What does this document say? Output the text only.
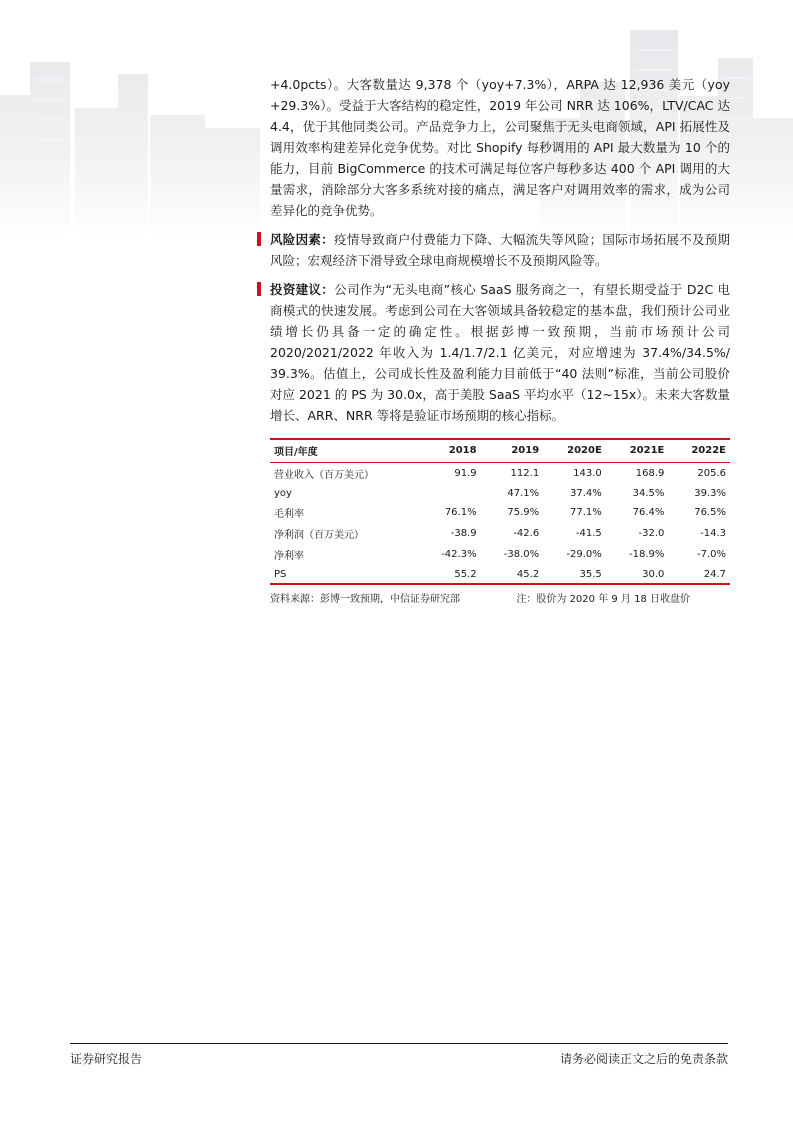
+4.0pcts）。大客数量达 9,378 个（yoy+7.3%），ARPA 达 12,936 美元（yoy +29.3%）。受益于大客结构的稳定性，2019 年公司 NRR 达 106%，LTV/CAC 达 4.4，优于其他同类公司。产品竞争力上，公司聚焦于无头电商领域，API 拓展性及调用效率构建差异化竞争优势。对比 Shopify 每秒调用的 API 最大数量为 10 个的能力，目前 BigCommerce 的技术可满足每位客户每秒多达 400 个 API 调用的大量需求，消除部分大客多系统对接的痛点，满足客户对调用效率的需求，成为公司差异化的竞争优势。

风险因素：疫情导致商户付费能力下降、大幅流失等风险；国际市场拓展不及预期风险；宏观经济下滑导致全球电商规模增长不及预期风险等。

投资建议：公司作为“无头电商”核心 SaaS 服务商之一，有望长期受益于 D2C 电商模式的快速发展。考虑到公司在大客领域具备较稳定的基本盘，我们预计公司业绩增长仍具备一定的确定性。根据彭博一致预期，当前市场预计公司 2020/2021/2022 年收入为 1.4/1.7/2.1 亿美元，对应增速为 37.4%/34.5%/ 39.3%。估值上，公司成长性及盈利能力目前低于“40 法则”标准，当前公司股价对应 2021 的 PS 为 30.0x，高于美股 SaaS 平均水平（12~15x）。未来大客数量增长、ARR、NRR 等将是验证市场预期的核心指标。

项目/年度	2018	2019	2020E	2021E	2022E
营业收入（百万美元）	91.9	112.1	143.0	168.9	205.6
yoy		47.1%	37.4%	34.5%	39.3%
毛利率	76.1%	75.9%	77.1%	76.4%	76.5%
净利润（百万美元）	-38.9	-42.6	-41.5	-32.0	-14.3
净利率	-42.3%	-38.0%	-29.0%	-18.9%	-7.0%
PS	55.2	45.2	35.5	30.0	24.7
资料来源：彭博一致预期，中信证券研究部	注：股价为 2020 年 9 月 18 日收盘价
证券研究报告	请务必阅读正文之后的免责条款
